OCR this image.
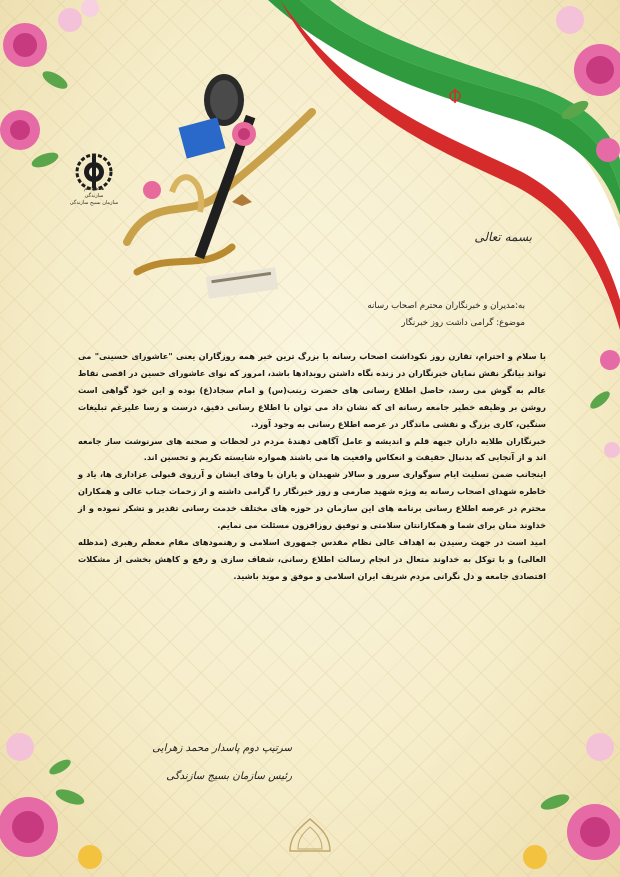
همه با هم
سازندگی
سازمان بسیج سازندگی
بسمه تعالی
به:مدیران و خبرنگاران محترم اصحاب رسانه
موضوع: گرامی داشت روز خبرنگار

با سلام و احترام، تقارن روز نکوداشت اصحاب رسانه با بزرگ ترین خبر همه روزگاران یعنی "عاشورای حسینی" می تواند بیانگر نقش نمایان خبرنگاران در زنده نگاه داشتن رویدادها باشد، امروز که نوای عاشورای حسین در اقصی نقاط عالم به گوش می رسد، حاصل اطلاع رسانی های حضرت زینب(س) و امام سجاد(ع) بوده و این خود گواهی است روشن بر وظیفه خطیر جامعه رسانه ای که نشان داد می توان با اطلاع رسانی دقیق، درست و رسا علیرغم تبلیغات سنگین، کاری بزرگ و نقشی ماندگار در عرصه اطلاع رسانی به وجود آورد.

خبرنگاران طلایه داران جبهه قلم و اندیشه و عامل آگاهی دهندهٔ مردم در لحظات و صحنه های سرنوشت ساز جامعه اند و از آنجایی که بدنبال حقیقت و انعکاس واقعیت ها می باشند همواره شایسته تکریم و تحسین اند.

اینجانب ضمن تسلیت ایام سوگواری سرور و سالار شهیدان و یاران با وفای ایشان و آرزوی قبولی عزاداری ها، یاد و خاطره شهدای اصحاب رسانه به ویژه شهید صارمی و روز خبرنگار را گرامی داشته و از زحمات جناب عالی و همکاران محترم در عرصه اطلاع رسانی برنامه های این سازمان در حوزه های مختلف خدمت رسانی تقدیر و تشکر نموده و از خداوند منان برای شما و همکارانتان سلامتی و توفیق روزافزون مسئلت می نمایم.

امید است در جهت رسیدن به اهداف عالی نظام مقدس جمهوری اسلامی و رهنمودهای مقام معظم رهبری (مدظله العالی) و با توکل به خداوند متعال در انجام رسالت اطلاع رسانی، شفاف سازی و رفع و کاهش بخشی از مشکلات اقتصادی جامعه و دل نگرانی مردم شریف ایران اسلامی و موفق و موید باشید.

سرتیپ دوم پاسدار محمد زهرایی
رئیس سازمان بسیج سازندگی
